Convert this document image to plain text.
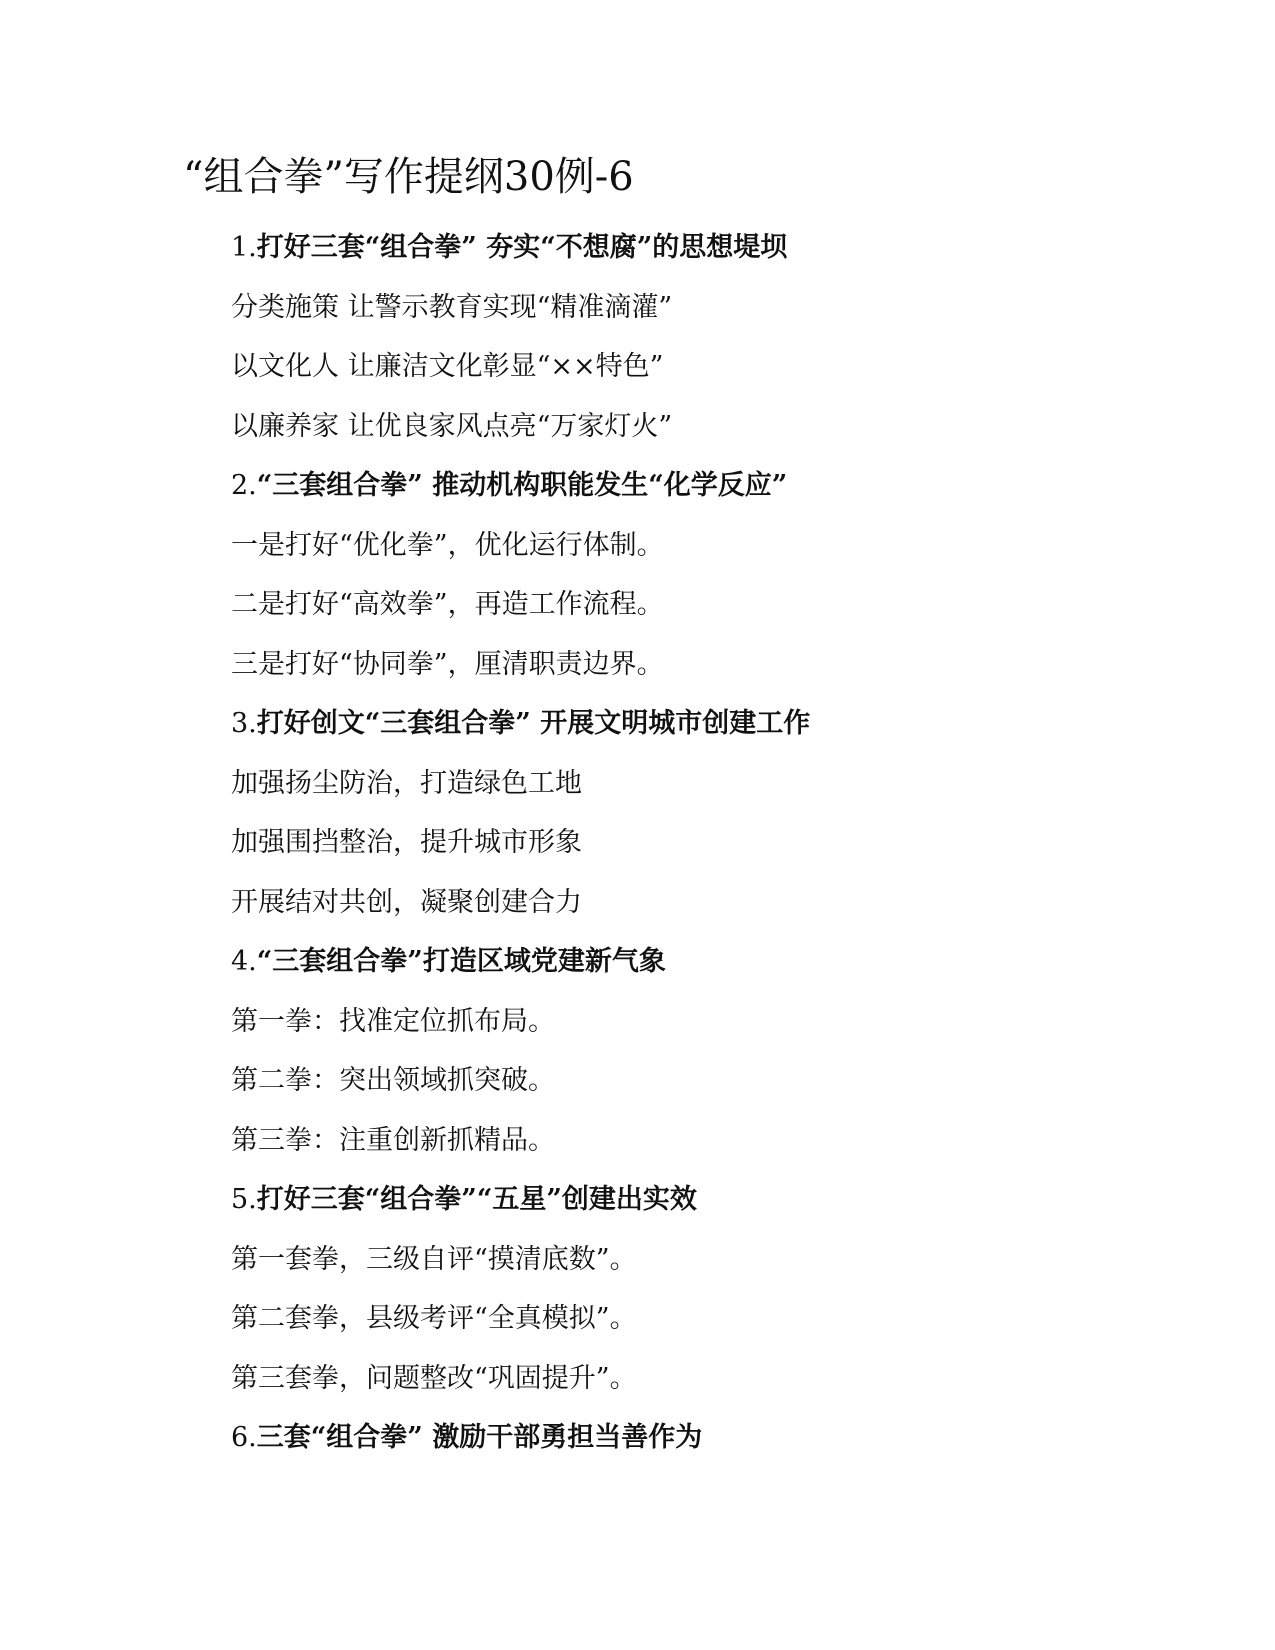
“组合拳”写作提纲30例-6

1.打好三套“组合拳” 夯实“不想腐”的思想堤坝

分类施策 让警示教育实现“精准滴灌”

以文化人 让廉洁文化彰显“××特色”

以廉养家 让优良家风点亮“万家灯火”

2.“三套组合拳” 推动机构职能发生“化学反应”

一是打好“优化拳”，优化运行体制。

二是打好“高效拳”，再造工作流程。

三是打好“协同拳”，厘清职责边界。

3.打好创文“三套组合拳” 开展文明城市创建工作

加强扬尘防治，打造绿色工地

加强围挡整治，提升城市形象

开展结对共创，凝聚创建合力

4.“三套组合拳”打造区域党建新气象

第一拳：找准定位抓布局。

第二拳：突出领域抓突破。

第三拳：注重创新抓精品。

5.打好三套“组合拳”“五星”创建出实效

第一套拳，三级自评“摸清底数”。

第二套拳，县级考评“全真模拟”。

第三套拳，问题整改“巩固提升”。

6.三套“组合拳” 激励干部勇担当善作为
